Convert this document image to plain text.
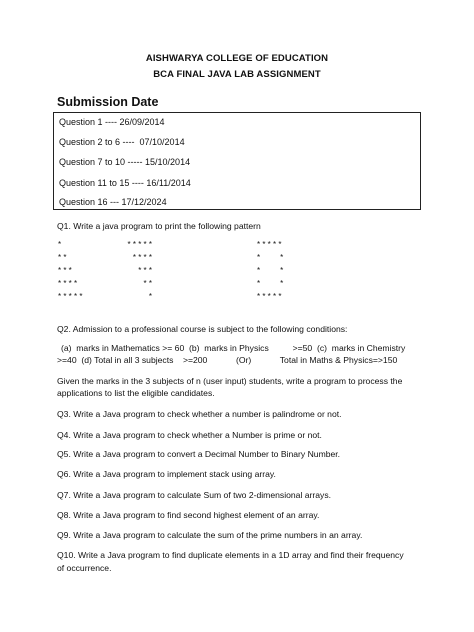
AISHWARYA COLLEGE OF EDUCATION
BCA FINAL JAVA LAB ASSIGNMENT
Submission Date
Question 1 ---- 26/09/2014
Question 2 to 6 ----  07/10/2014
Question 7 to 10 ----- 15/10/2014
Question 11 to 15 ---- 16/11/2014
Question 16 --- 17/12/2024
Q1. Write a java program to print the following pattern
*
* *
* * *
* * * *
* * * * *
* * * * *
* * * *
* * *
* *
*
* * * * *
*         *
*         *
*         *
* * * * *
Q2. Admission to a professional course is subject to the following conditions:
(a)  marks in Mathematics >= 60  (b)  marks in Physics          >=50  (c)  marks in Chemistry
>=40  (d) Total in all 3 subjects    >=200            (Or)            Total in Maths & Physics=>150
Given the marks in the 3 subjects of n (user input) students, write a program to process the
applications to list the eligible candidates.
Q3. Write a Java program to check whether a number is palindrome or not.
Q4. Write a Java program to check whether a Number is prime or not.
Q5. Write a Java program to convert a Decimal Number to Binary Number.
Q6. Write a Java program to implement stack using array.
Q7. Write a Java program to calculate Sum of two 2-dimensional arrays.
Q8. Write a Java program to find second highest element of an array.
Q9. Write a Java program to calculate the sum of the prime numbers in an array.
Q10. Write a Java program to find duplicate elements in a 1D array and find their frequency
of occurrence.
